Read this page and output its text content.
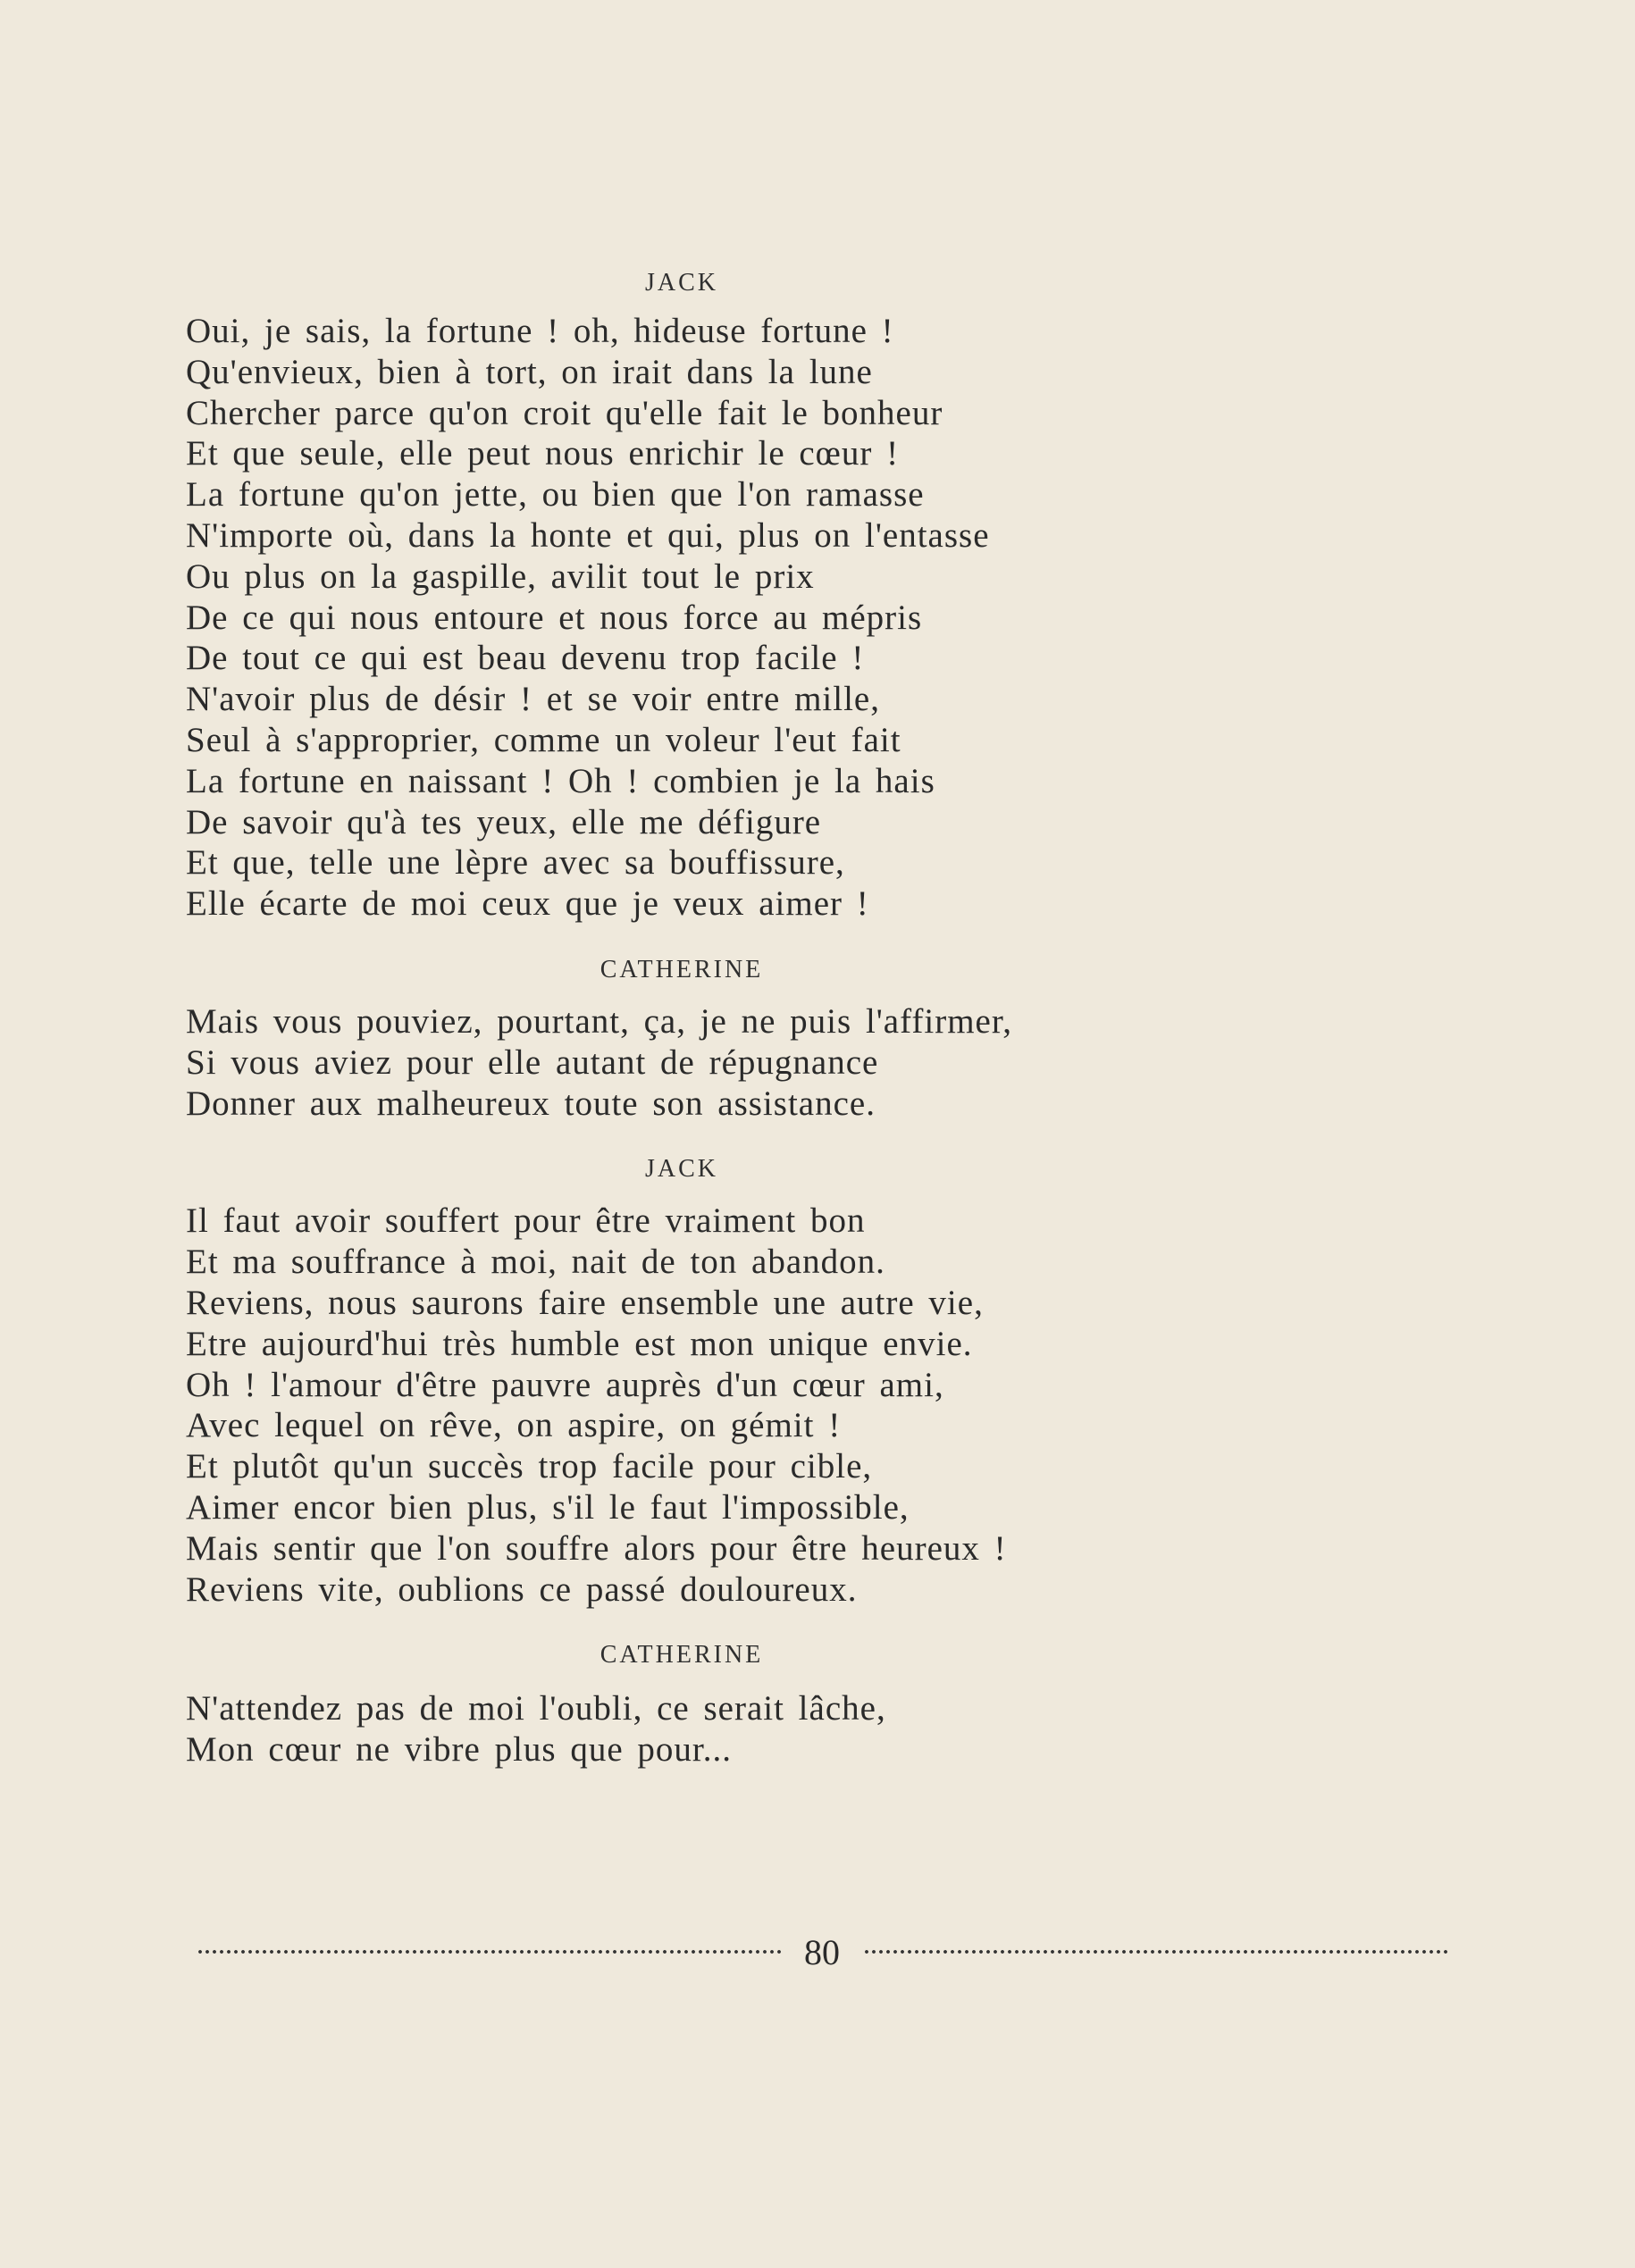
JACK
Oui, je sais, la fortune ! oh, hideuse fortune !
Qu'envieux, bien à tort, on irait dans la lune
Chercher parce qu'on croit qu'elle fait le bonheur
Et que seule, elle peut nous enrichir le cœur !
La fortune qu'on jette, ou bien que l'on ramasse
N'importe où, dans la honte et qui, plus on l'entasse
Ou plus on la gaspille, avilit tout le prix
De ce qui nous entoure et nous force au mépris
De tout ce qui est beau devenu trop facile !
N'avoir plus de désir ! et se voir entre mille,
Seul à s'approprier, comme un voleur l'eut fait
La fortune en naissant ! Oh ! combien je la hais
De savoir qu'à tes yeux, elle me défigure
Et que, telle une lèpre avec sa bouffissure,
Elle écarte de moi ceux que je veux aimer !
CATHERINE
Mais vous pouviez, pourtant, ça, je ne puis l'affirmer,
Si vous aviez pour elle autant de répugnance
Donner aux malheureux toute son assistance.
JACK
Il faut avoir souffert pour être vraiment bon
Et ma souffrance à moi, nait de ton abandon.
Reviens, nous saurons faire ensemble une autre vie,
Etre aujourd'hui très humble est mon unique envie.
Oh ! l'amour d'être pauvre auprès d'un cœur ami,
Avec lequel on rêve, on aspire, on gémit !
Et plutôt qu'un succès trop facile pour cible,
Aimer encor bien plus, s'il le faut l'impossible,
Mais sentir que l'on souffre alors pour être heureux !
Reviens vite, oublions ce passé douloureux.
CATHERINE
N'attendez pas de moi l'oubli, ce serait lâche,
Mon cœur ne vibre plus que pour...
80
